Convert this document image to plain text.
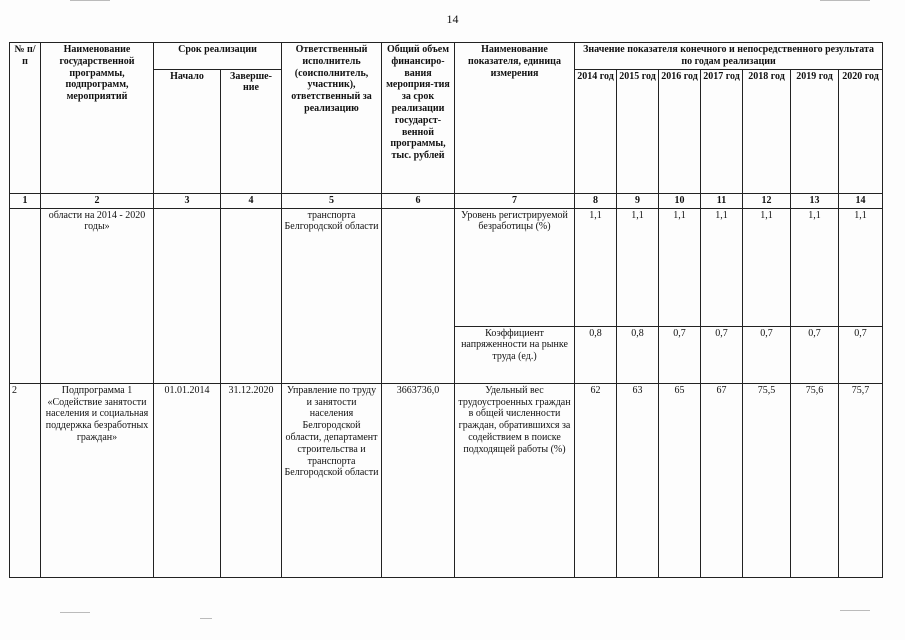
14
№ п/п	Наименование государственной программы, подпрограмм, мероприятий	Срок реализации		Ответственный исполнитель (соисполнитель, участник), ответственный за реализацию	Общий объем финансиро-вания мероприя-тия за срок реализации государст-венной программы, тыс. рублей	Наименование показателя, единица измерения	Значение показателя конечного и непосредственного результата по годам реализации						
		Начало	Заверше-ние				2014 год	2015 год	2016 год	2017 год	2018 год	2019 год	2020 год
1	2	3	4	5	6	7	8	9	10	11	12	13	14
	области на 2014 - 2020 годы»			транспорта Белгородской области		Уровень регистрируемой безработицы (%)	1,1	1,1	1,1	1,1	1,1	1,1	1,1
						Коэффициент напряженности на рынке труда (ед.)	0,8	0,8	0,7	0,7	0,7	0,7	0,7
2	Подпрограмма 1 «Содействие занятости населения и социальная поддержка безработных граждан»	01.01.2014	31.12.2020	Управление по труду и занятости населения Белгородской области, департамент строительства и транспорта Белгородской области	3663736,0	Удельный вес трудоустроенных граждан в общей численности граждан, обратившихся за содействием в поиске подходящей работы (%)	62	63	65	67	75,5	75,6	75,7
